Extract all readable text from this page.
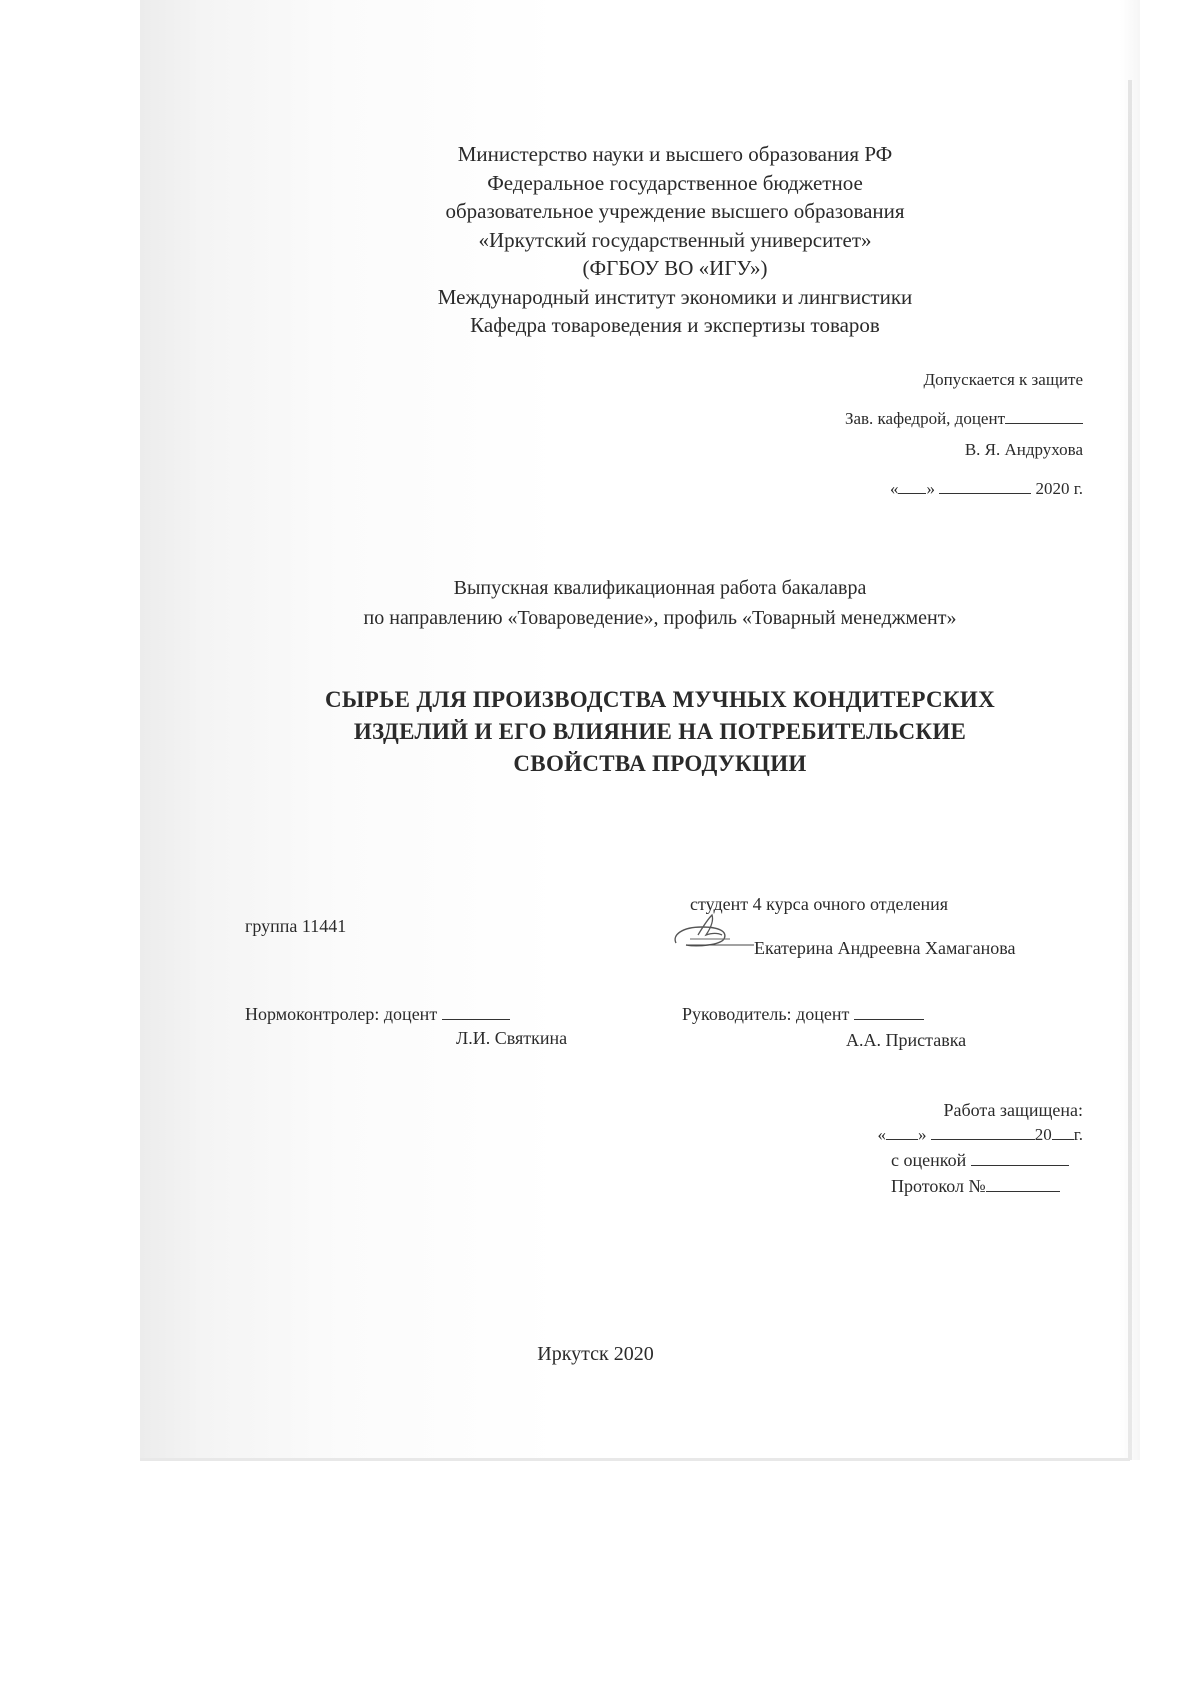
Министерство науки и высшего образования РФ
Федеральное государственное бюджетное
образовательное учреждение высшего образования
«Иркутский государственный университет»
(ФГБОУ ВО «ИГУ»)
Международный институт экономики и лингвистики
Кафедра товароведения и экспертизы товаров
Допускается к защите
Зав. кафедрой, доцент
В. Я. Андрухова
« »	2020 г.
Выпускная квалификационная работа бакалавра
по направлению «Товароведение», профиль «Товарный менеджмент»
СЫРЬЕ ДЛЯ ПРОИЗВОДСТВА МУЧНЫХ КОНДИТЕРСКИХ
ИЗДЕЛИЙ И ЕГО ВЛИЯНИЕ НА ПОТРЕБИТЕЛЬСКИЕ
СВОЙСТВА ПРОДУКЦИИ
студент 4 курса очного отделения
группа 11441
Екатерина Андреевна Хамаганова
Нормоконтролер: доцент
Л.И. Святкина
Руководитель: доцент
А.А. Приставка
Работа защищена:
« »	20 г.
с оценкой
Протокол №
Иркутск 2020
